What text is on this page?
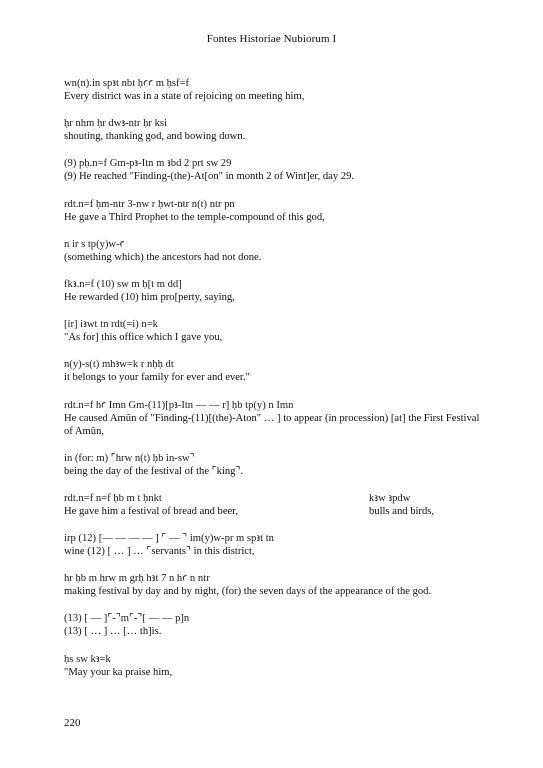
Fontes Historiae Nubiorum I
wn(n).in spꜣt nbt ḥꜥꜥ m ḥsf=f
Every district was in a state of rejoicing on meeting him,
ḥr nhm ḥr dwꜣ-ntr ḥr ksi
shouting, thanking god, and bowing down.
(9) pḥ.n=f Gm-pꜣ-Itn m ꜣbd 2 prt sw 29
(9) He reached "Finding-(the)-At[on" in month 2 of Wint]er, day 29.
rdt.n=f ḥm-ntr 3-nw r ḥwt-ntr n(t) ntr pn
He gave a Third Prophet to the temple-compound of this god,
n ir s tp(y)w-ꜥ
(something which) the ancestors had not done.
fkꜣ.n=f (10) sw m ḥ[t m dd]
He rewarded (10) him pro[perty, saying,
[ir] iꜣwt tn rdt(=i) n=k
"As for] this office which I gave you,
n(y)-s(t) mhꜣw=k r nḥḥ dt
it belongs to your family for ever and ever."
rdt.n=f hꜥ Imn Gm-(11)[pꜣ-Itn — — r] ḥb tp(y) n Imn
He caused Amûn of "Finding-(11)[(the)-Aton" … ] to appear (in procession) [at] the First Festival of Amûn,
in (for: m) ⌜hrw n(t) ḥb in-sw⌝
being the day of the festival of the ⌜king⌝.
rdt.n=f n=f ḥb m t ḥnkt	kꜣw ꜣpdw
He gave him a festival of bread and beer,	bulls and birds,
irp (12) [— — — — ] ⌜ — ⌝ im(y)w-pr m spꜣt tn
wine (12) [ … ] … ⌜servants⌝ in this district,
hr ḥb m hrw m grḥ hꜣt 7 n hꜥ n ntr
making festival by day and by night, (for) the seven days of the appearance of the god.
(13) [ — ]⌜-⌝m⌜-⌝[ — — p]n
(13) [ … ] … [… th]is.
ḥs sw kꜣ=k
"May your ka praise him,
220
